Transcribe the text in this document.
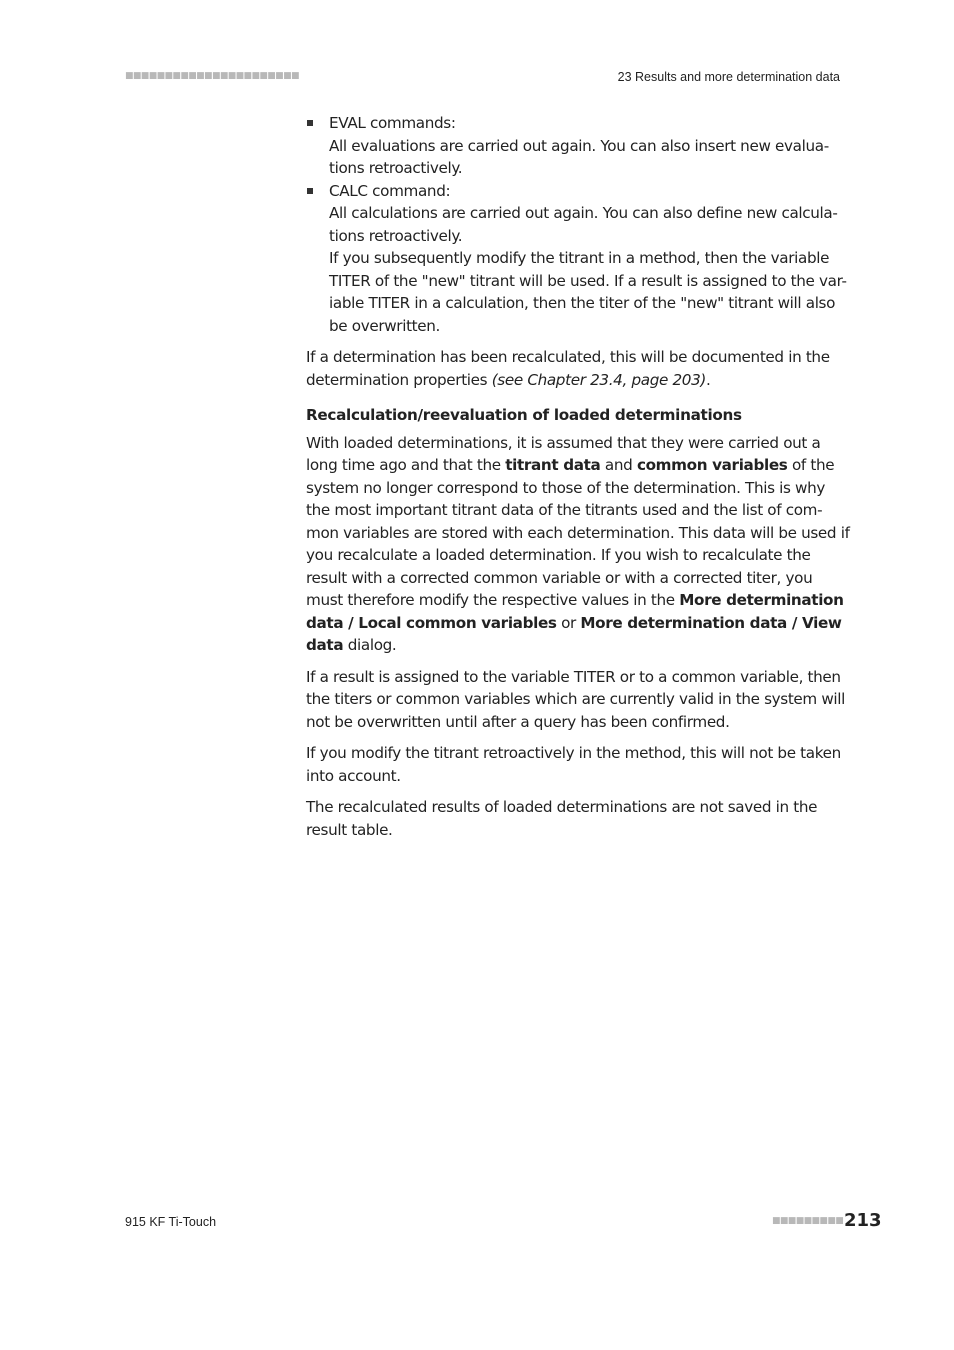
■■■■■■■■■■■■■■■■■■■■■■	23 Results and more determination data
EVAL commands:
All evaluations are carried out again. You can also insert new evalua-
tions retroactively.
CALC command:
All calculations are carried out again. You can also define new calcula-
tions retroactively.
If you subsequently modify the titrant in a method, then the variable
TITER of the "new" titrant will be used. If a result is assigned to the var-
iable TITER in a calculation, then the titer of the "new" titrant will also
be overwritten.

If a determination has been recalculated, this will be documented in the
determination properties (see Chapter 23.4, page 203).

Recalculation/reevaluation of loaded determinations

With loaded determinations, it is assumed that they were carried out a
long time ago and that the titrant data and common variables of the
system no longer correspond to those of the determination. This is why
the most important titrant data of the titrants used and the list of com-
mon variables are stored with each determination. This data will be used if
you recalculate a loaded determination. If you wish to recalculate the
result with a corrected common variable or with a corrected titer, you
must therefore modify the respective values in the More determination
data / Local common variables or More determination data / View
data dialog.

If a result is assigned to the variable TITER or to a common variable, then
the titers or common variables which are currently valid in the system will
not be overwritten until after a query has been confirmed.

If you modify the titrant retroactively in the method, this will not be taken
into account.

The recalculated results of loaded determinations are not saved in the
result table.

915 KF Ti-Touch	■■■■■■■■■ 213
